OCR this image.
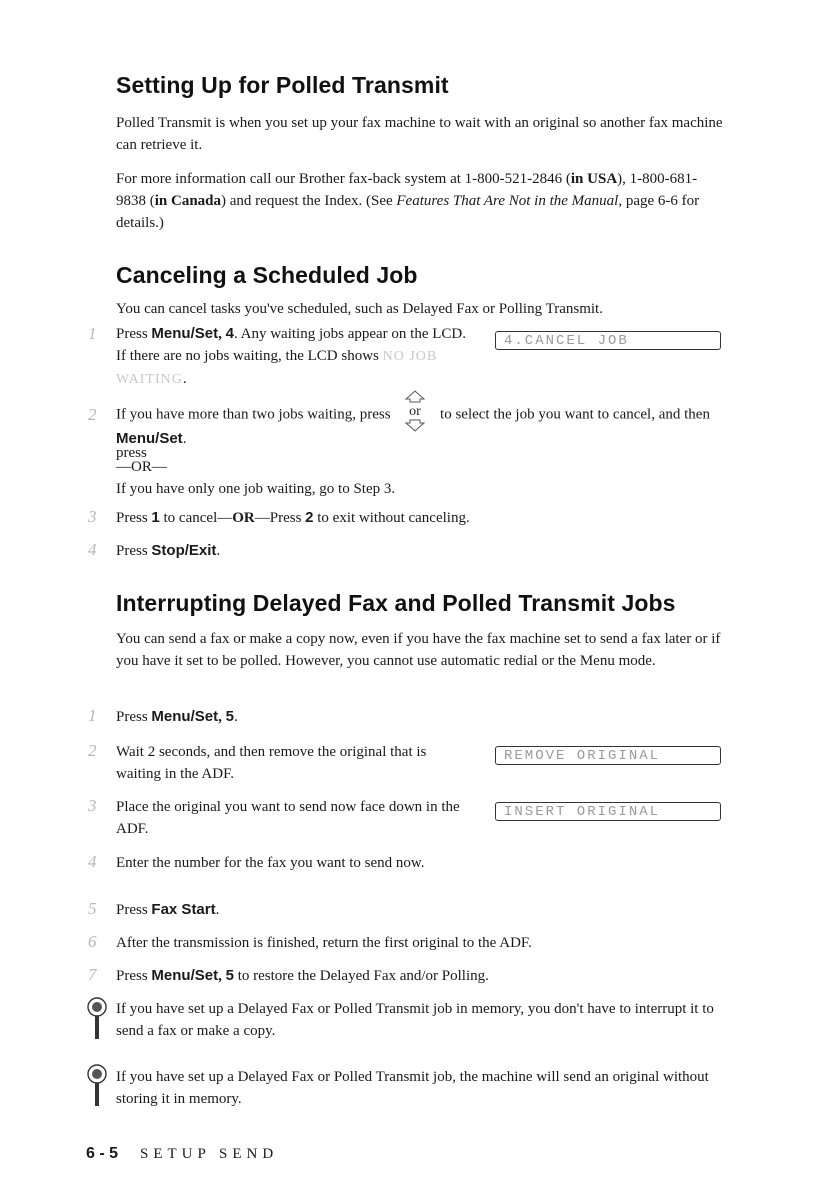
Setting Up for Polled Transmit

Polled Transmit is when you set up your fax machine to wait with an original so another fax machine can retrieve it.

For more information call our Brother fax-back system at 1-800-521-2846 (in USA), 1-800-681-9838 (in Canada) and request the Index. (See Features That Are Not in the Manual, page 6-6 for details.)

Canceling a Scheduled Job

You can cancel tasks you've scheduled, such as Delayed Fax or Polling Transmit.

1	Press Menu/Set, 4. Any waiting jobs appear on the LCD. If there are no jobs waiting, the LCD shows NO JOB WAITING.
4.CANCEL JOB
2	If you have more than two jobs waiting, press or to select the job you want to cancel, and then press
Menu/Set.
—OR—
If you have only one job waiting, go to Step 3.
3	Press 1 to cancel—OR—Press 2 to exit without canceling.
4	Press Stop/Exit.
Interrupting Delayed Fax and Polled Transmit Jobs

You can send a fax or make a copy now, even if you have the fax machine set to send a fax later or if you have it set to be polled. However, you cannot use automatic redial or the Menu mode.

1	Press Menu/Set, 5.
2	Wait 2 seconds, and then remove the original that is waiting in the ADF.
REMOVE ORIGINAL
3	Place the original you want to send now face down in the ADF.
INSERT ORIGINAL
4	Enter the number for the fax you want to send now.
5	Press Fax Start.
6	After the transmission is finished, return the first original to the ADF.
7	Press Menu/Set, 5 to restore the Delayed Fax and/or Polling.

If you have set up a Delayed Fax or Polled Transmit job in memory, you don't have to interrupt it to send a fax or make a copy.

If you have set up a Delayed Fax or Polled Transmit job, the machine will send an original without storing it in memory.

6 - 5 SETUP SEND
